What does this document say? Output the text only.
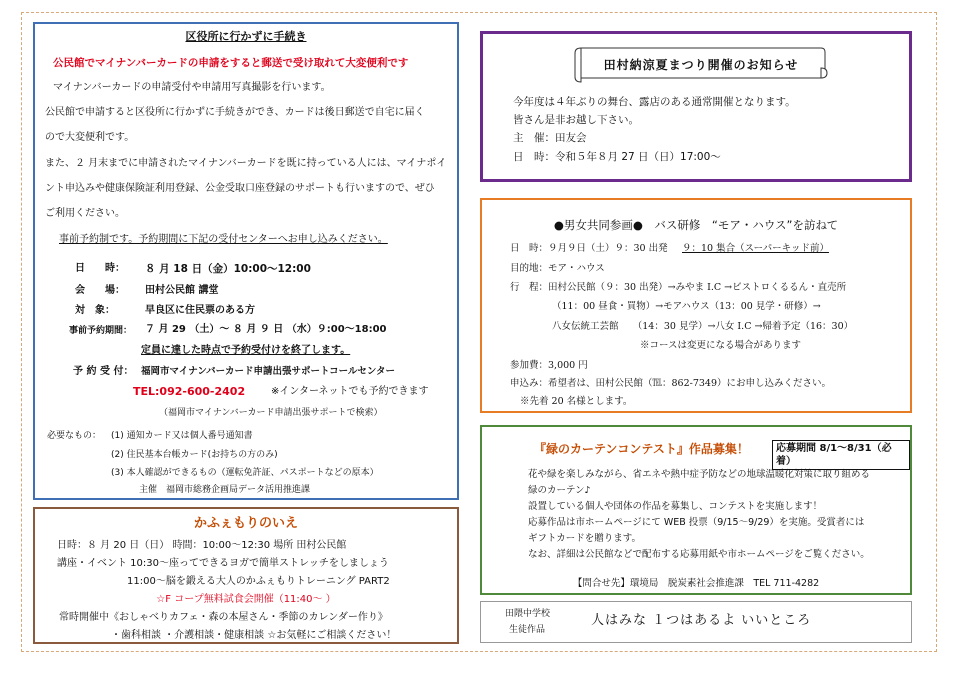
区役所に行かずに手続き
公民館でマイナンバーカードの申請をすると郵送で受け取れて大変便利です
マイナンバーカードの申請受付や申請用写真撮影を行います。
公民館で申請すると区役所に行かずに手続きができ、カードは後日郵送で自宅に届く
ので大変便利です。
また、２ 月末までに申請されたマイナンバーカードを既に持っている人には、マイナポイ
ント申込みや健康保険証利用登録、公金受取口座登録のサポートも行いますので、ぜひ
ご利用ください。
事前予約制です。予約期間に下記の受付センターへお申し込みください。
日　　時： ８ 月 18 日（金）10:00〜12:00
会　　場： 田村公民館 講堂
対　象：	早良区に住民票のある方
事前予約期間： ７ 月 29 （土）〜 ８ 月 ９ 日 （水）９:00〜18:00
定員に達した時点で予約受付けを終了します。
予 約 受 付： 福岡市マイナンバーカード申請出張サポートコールセンター
TEL:092-600-2402	※インターネットでも予約できます
（福岡市マイナンバーカード申請出張サポートで検索）
必要なもの： (1) 通知カード又は個人番号通知書
(2) 住民基本台帳カード(お持ちの方のみ)
(3) 本人確認ができるもの（運転免許証、パスポートなどの原本）
主催　福岡市総務企画局データ活用推進課
かふぇもりのいえ
日時：８ 月 20 日（日） 時間：10:00〜12:30 場所 田村公民館
講座・イベント 10:30〜座ってできるヨガで簡単ストレッチをしましょう
11:00〜脳を鍛える大人のかふぇもりトレーニング PART2
☆F コープ無料試食会開催（11:40〜 ）
常時開催中《おしゃべりカフェ・森の本屋さん・季節のカレンダー作り》
・歯科相談 ・介護相談・健康相談 ☆お気軽にご相談ください！
田村納涼夏まつり開催のお知らせ
今年度は４年ぶりの舞台、露店のある通常開催となります。
皆さん是非お越し下さい。
主　催：田友会
日　時：令和５年８月 27 日（日）17:00〜
●男女共同参画●　バス研修　“モア・ハウス”を訪ねて
日　時：９月９日（土）９：30 出発 ９：10 集合（スーパーキッド前）
目的地：モア・ハウス
行　程：田村公民館（９：30 出発）→みやま I.C →ビストロくるるん・直売所
（11：00 昼食・買物）→モアハウス（13：00 見学・研修）→
八女伝統工芸館　　（14：30 見学）→八女 I.C →帰着予定（16：30）
※コースは変更になる場合があります
参加費：3,000 円
申込み：希望者は、田村公民館（℡：862-7349）にお申し込みください。
※先着 20 名様とします。
『緑のカーテンコンテスト』作品募集！	応募期間 8/1〜8/31（必着）
花や緑を楽しみながら、省エネや熱中症予防などの地球温暖化対策に取り組める
緑のカーテン♪
設置している個人や団体の作品を募集し、コンテストを実施します！
応募作品は市ホームページにて WEB 投票（9/15〜9/29）を実施。受賞者には
ギフトカードを贈ります。
なお、詳細は公民館などで配布する応募用紙や市ホームページをご覧ください。
【問合せ先】環境局　脱炭素社会推進課　TEL 711-4282
田隈中学校
生徒作品
人はみな １つはあるよ いいところ
